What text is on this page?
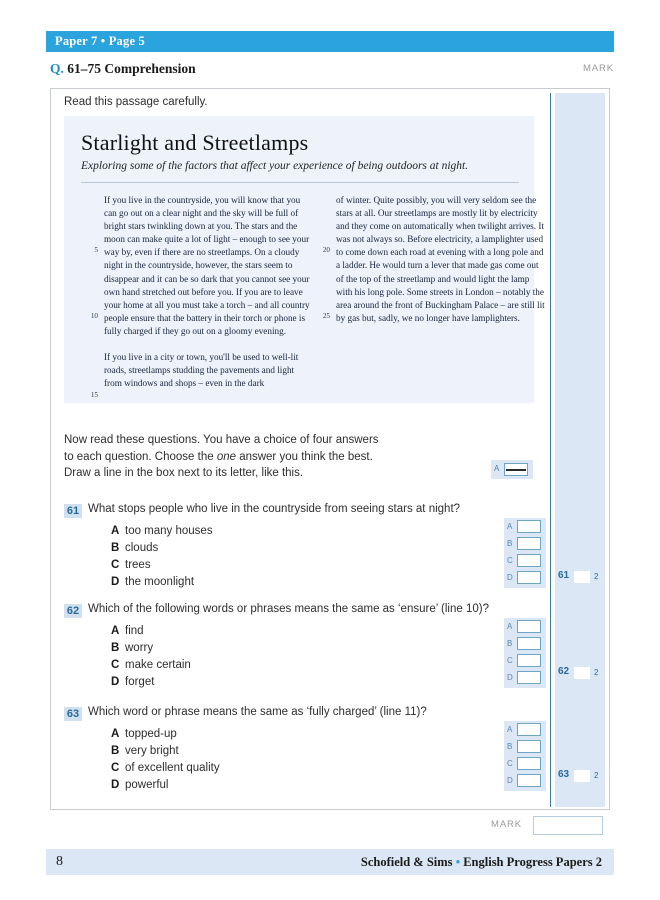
Paper 7 • Page 5
Q. 61–75 Comprehension	MARK
61	2
62	2
63	2
Read this passage carefully.
Starlight and Streetlamps
Exploring some of the factors that affect your experience of being outdoors at night.
5
10
15
20
25

If you live in the countryside, you will know that you can go out on a clear night and the sky will be full of bright stars twinkling down at you. The stars and the moon can make quite a lot of light – enough to see your way by, even if there are no streetlamps. On a cloudy night in the countryside, however, the stars seem to disappear and it can be so dark that you cannot see your own hand stretched out before you. If you are to leave your home at all you must take a torch – and all country people ensure that the battery in their torch or phone is fully charged if they go out on a gloomy evening.

If you live in a city or town, you'll be used to well-lit roads, streetlamps studding the pavements and light from windows and shops – even in the dark

of winter. Quite possibly, you will very seldom see the stars at all. Our streetlamps are mostly lit by electricity and they come on automatically when twilight arrives. It was not always so. Before electricity, a lamplighter used to come down each road at evening with a long pole and a ladder. He would turn a lever that made gas come out of the top of the streetlamp and would light the lamp with his long pole. Some streets in London – notably the area around the front of Buckingham Palace – are still lit by gas but, sadly, we no longer have lamplighters.

Now read these questions. You have a choice of four answers
to each question. Choose the one answer you think the best.
Draw a line in the box next to its letter, like this.	A
61 What stops people who live in the countryside from seeing stars at night?
A too many houses
B clouds
C trees
D the moonlight
A
B
C
D
62 Which of the following words or phrases means the same as ‘ensure’ (line 10)?
A find
B worry
C make certain
D forget
A
B
C
D
63 Which word or phrase means the same as ‘fully charged’ (line 11)?
A topped-up
B very bright
C of excellent quality
D powerful
A
B
C
D
MARK
8	Schofield & Sims • English Progress Papers 2
